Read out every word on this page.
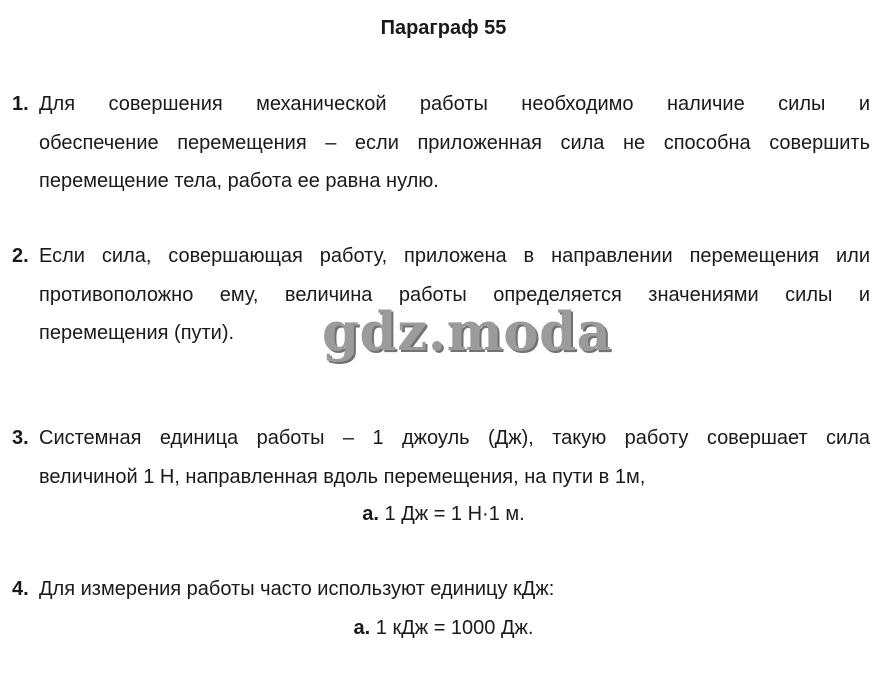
Параграф 55
1. Для совершения механической работы необходимо наличие силы и
обеспечение перемещения – если приложенная сила не способна совершить
перемещение тела, работа ее равна нулю.
2. Если сила, совершающая работу, приложена в направлении перемещения или
противоположно ему, величина работы определяется значениями силы и
перемещения (пути).
3. Системная единица работы – 1 джоуль (Дж), такую работу совершает сила
величиной 1 Н, направленная вдоль перемещения, на пути в 1м,
а. 1 Дж = 1 Н·1 м.
4. Для измерения работы часто используют единицу кДж:
а. 1 кДж = 1000 Дж.
gdz.moda
